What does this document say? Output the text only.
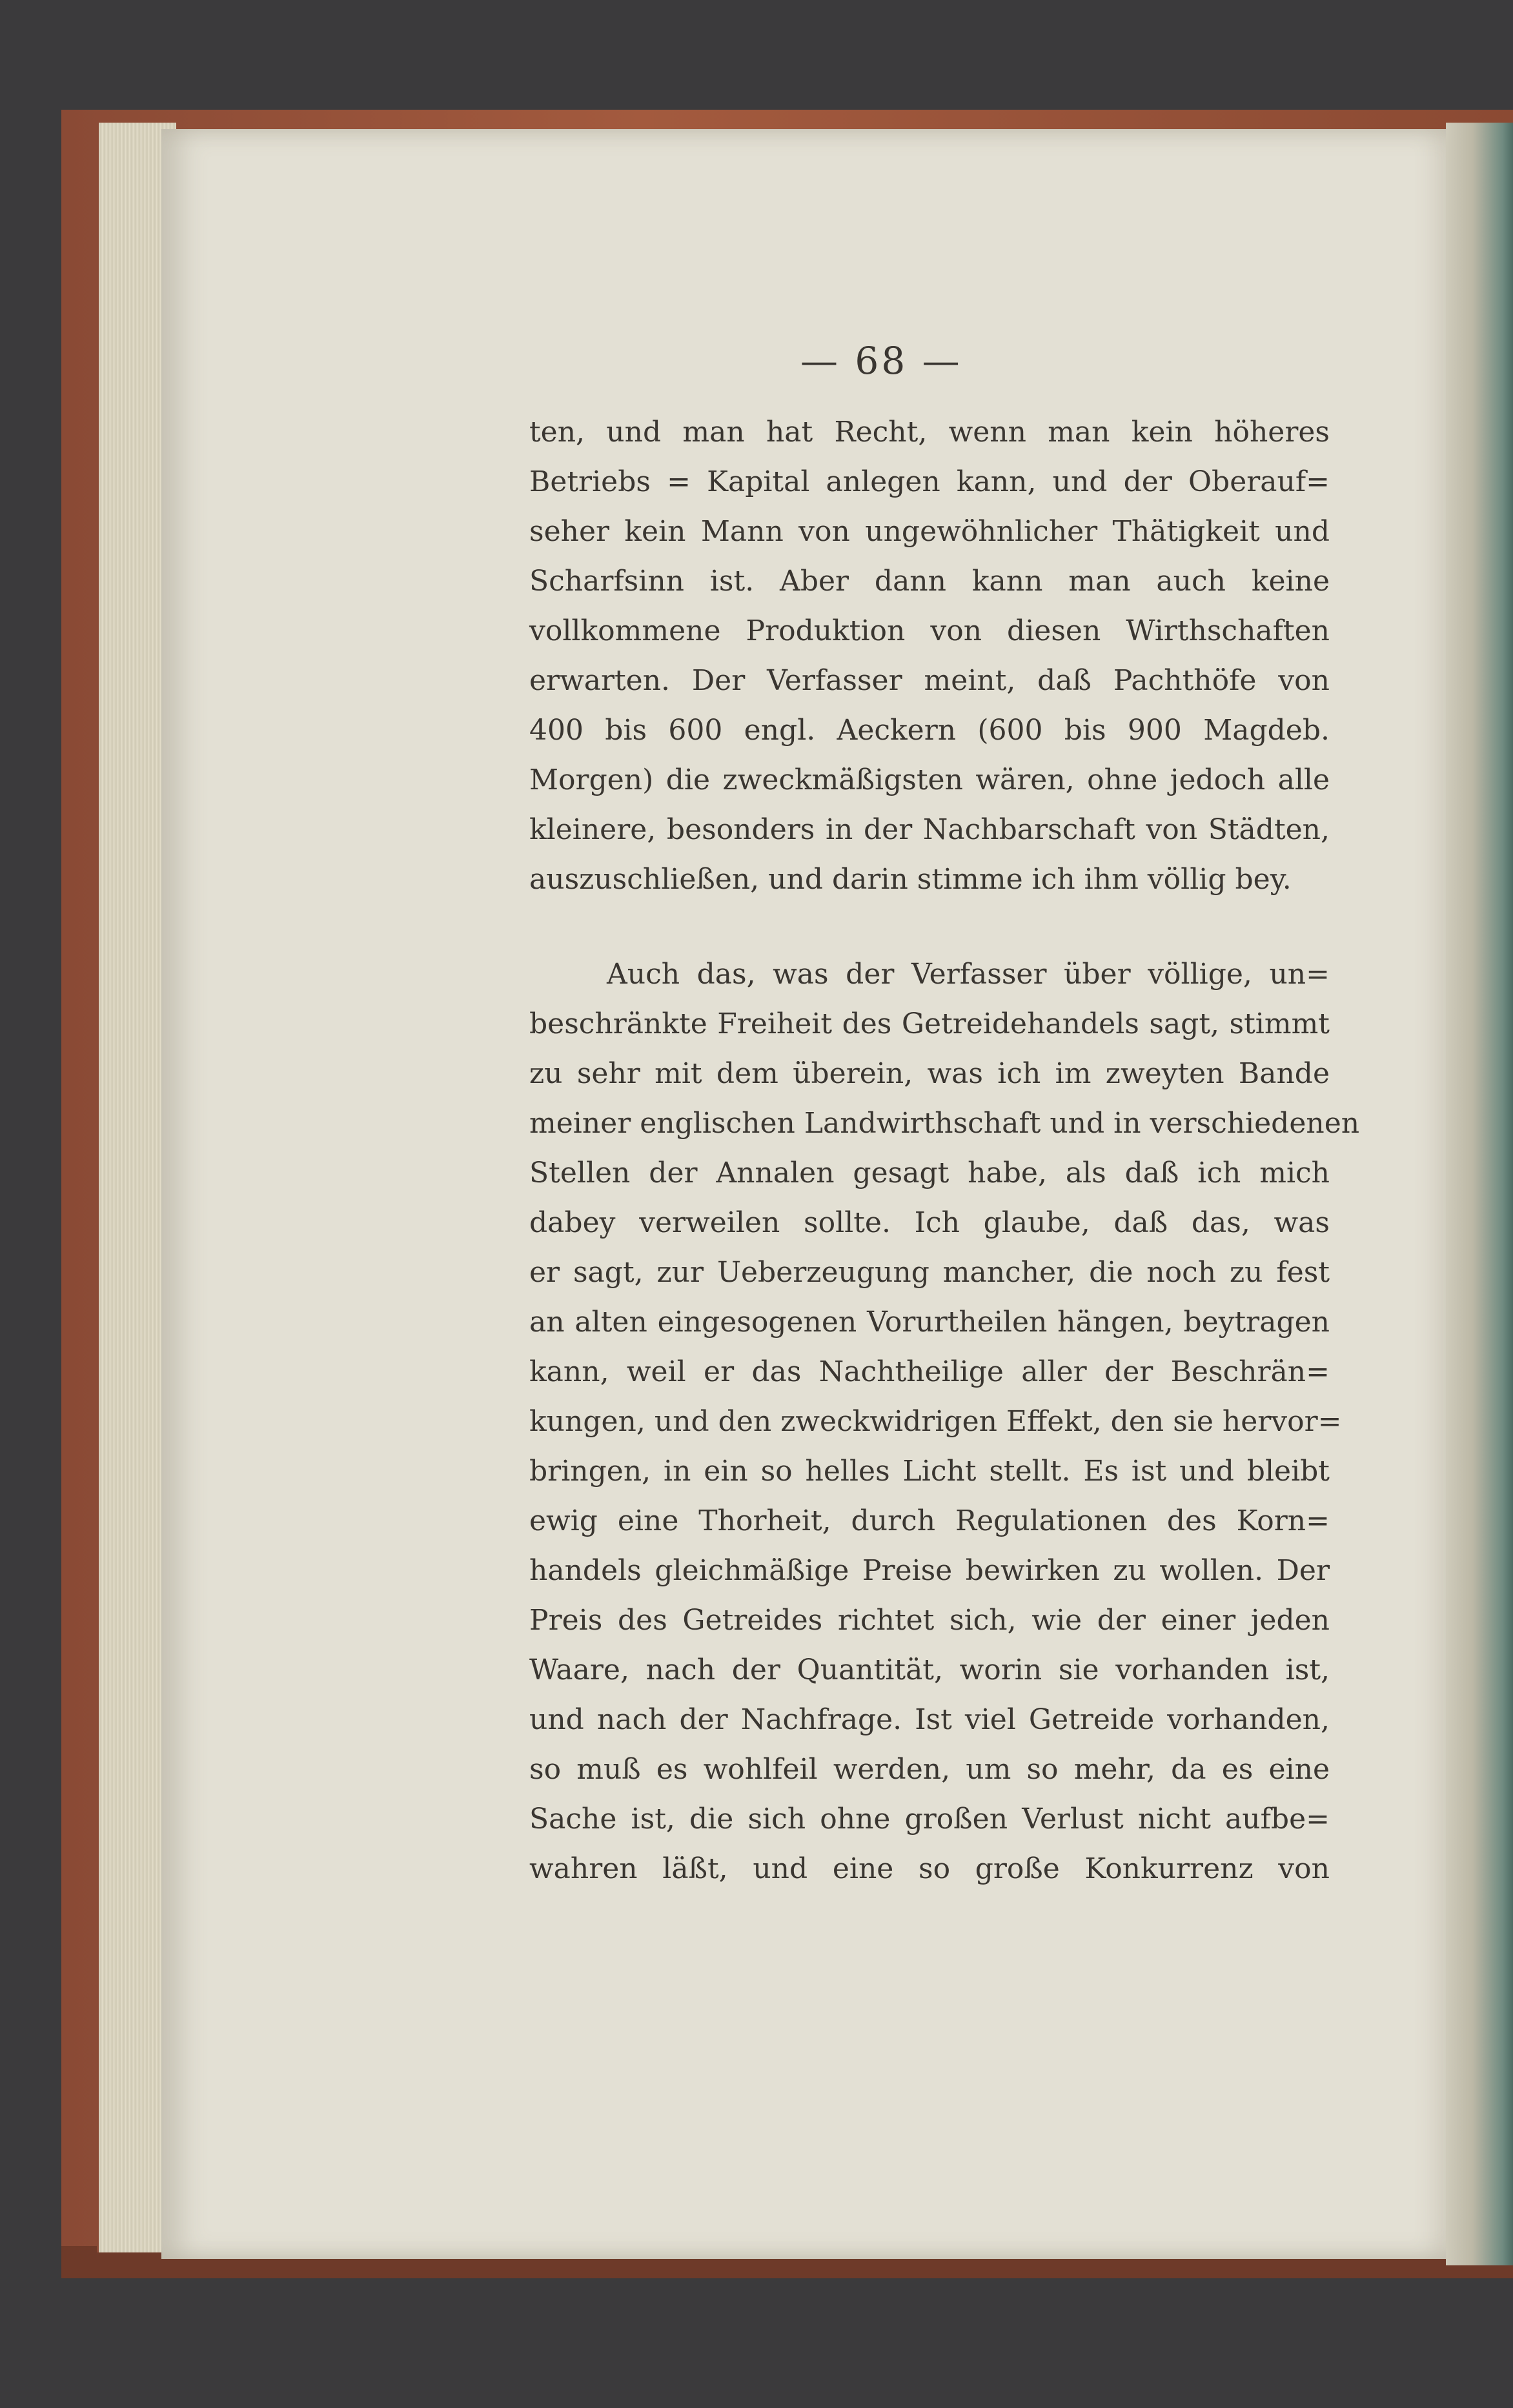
— 68 —
ten, und man hat Recht, wenn man kein höheres
Betriebs = Kapital anlegen kann, und der Oberauf=
seher kein Mann von ungewöhnlicher Thätigkeit und
Scharfsinn ist. Aber dann kann man auch keine
vollkommene Produktion von diesen Wirthschaften
erwarten. Der Verfasser meint, daß Pachthöfe von
400 bis 600 engl. Aeckern (600 bis 900 Magdeb.
Morgen) die zweckmäßigsten wären, ohne jedoch alle
kleinere, besonders in der Nachbarschaft von Städten,
auszuschließen, und darin stimme ich ihm völlig bey.
Auch das, was der Verfasser über völlige, un=
beschränkte Freiheit des Getreidehandels sagt, stimmt
zu sehr mit dem überein, was ich im zweyten Bande
meiner englischen Landwirthschaft und in verschiedenen
Stellen der Annalen gesagt habe, als daß ich mich
dabey verweilen sollte. Ich glaube, daß das, was
er sagt, zur Ueberzeugung mancher, die noch zu fest
an alten eingesogenen Vorurtheilen hängen, beytragen
kann, weil er das Nachtheilige aller der Beschrän=
kungen, und den zweckwidrigen Effekt, den sie hervor=
bringen, in ein so helles Licht stellt. Es ist und bleibt
ewig eine Thorheit, durch Regulationen des Korn=
handels gleichmäßige Preise bewirken zu wollen. Der
Preis des Getreides richtet sich, wie der einer jeden
Waare, nach der Quantität, worin sie vorhanden ist,
und nach der Nachfrage. Ist viel Getreide vorhanden,
so muß es wohlfeil werden, um so mehr, da es eine
Sache ist, die sich ohne großen Verlust nicht aufbe=
wahren läßt, und eine so große Konkurrenz von
